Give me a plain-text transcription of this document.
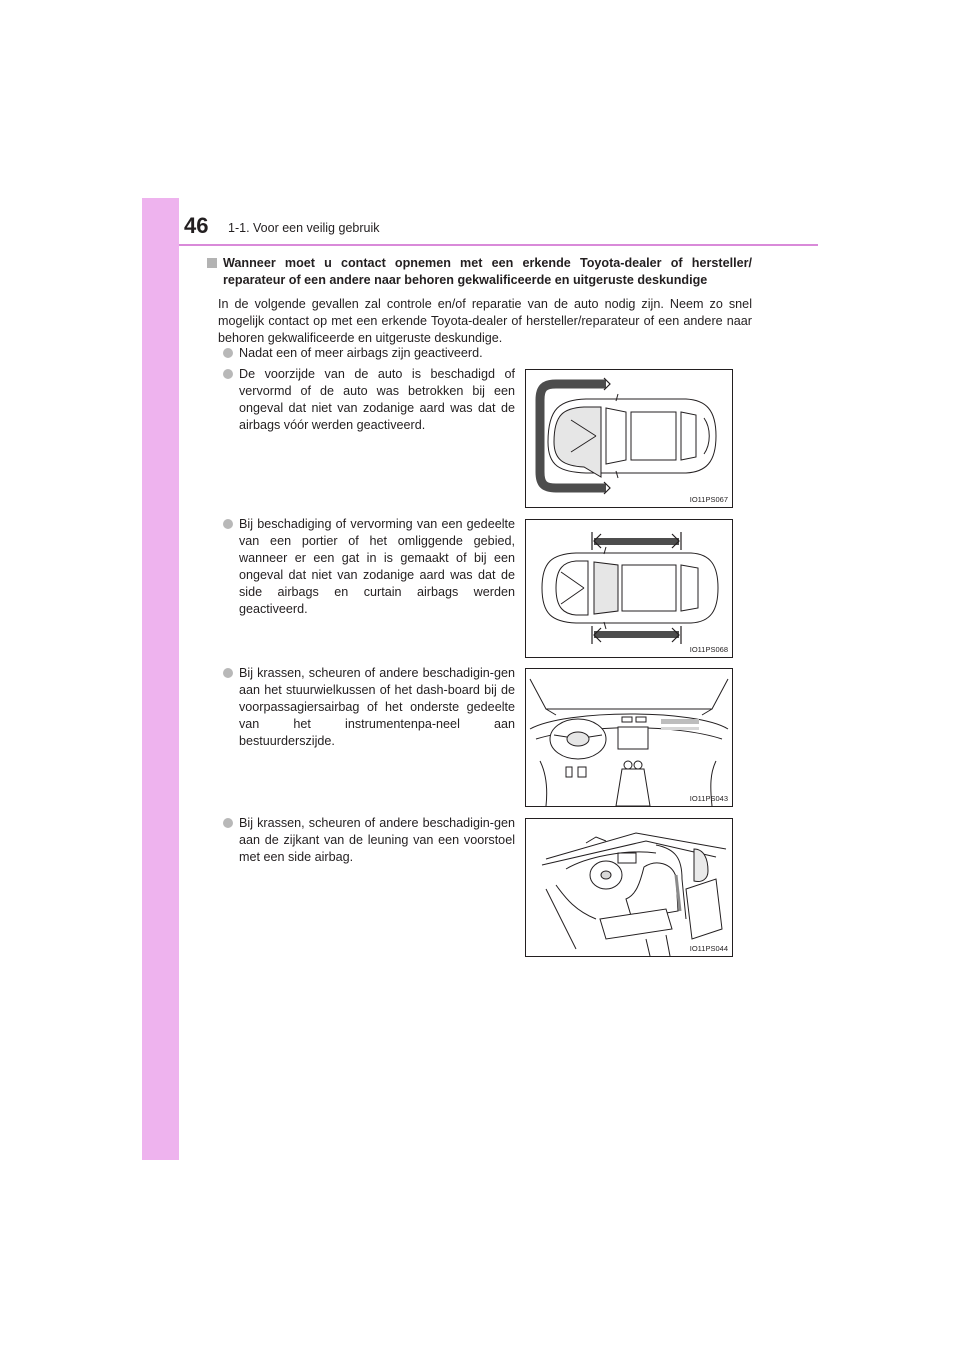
46 1-1. Voor een veilig gebruik
Wanneer moet u contact opnemen met een erkende Toyota-dealer of hersteller/ reparateur of een andere naar behoren gekwalificeerde en uitgeruste deskundige
In de volgende gevallen zal controle en/of reparatie van de auto nodig zijn. Neem zo snel mogelijk contact op met een erkende Toyota-dealer of hersteller/reparateur of een andere naar behoren gekwalificeerde en uitgeruste deskundige.
Nadat een of meer airbags zijn geactiveerd.
De voorzijde van de auto is beschadigd of vervormd of de auto was betrokken bij een ongeval dat niet van zodanige aard was dat de airbags vóór werden geactiveerd.
Bij beschadiging of vervorming van een gedeelte van een portier of het omliggende gebied, wanneer er een gat in is gemaakt of bij een ongeval dat niet van zodanige aard was dat de side airbags en curtain airbags werden geactiveerd.
Bij krassen, scheuren of andere beschadigin-gen aan het stuurwielkussen of het dash-board bij de voorpassagiersairbag of het onderste gedeelte van het instrumentenpa-neel aan bestuurderszijde.
Bij krassen, scheuren of andere beschadigin-gen aan de zijkant van de leuning van een voorstoel met een side airbag.
IO11PS067
IO11PS068
IO11PS043
IO11PS044
